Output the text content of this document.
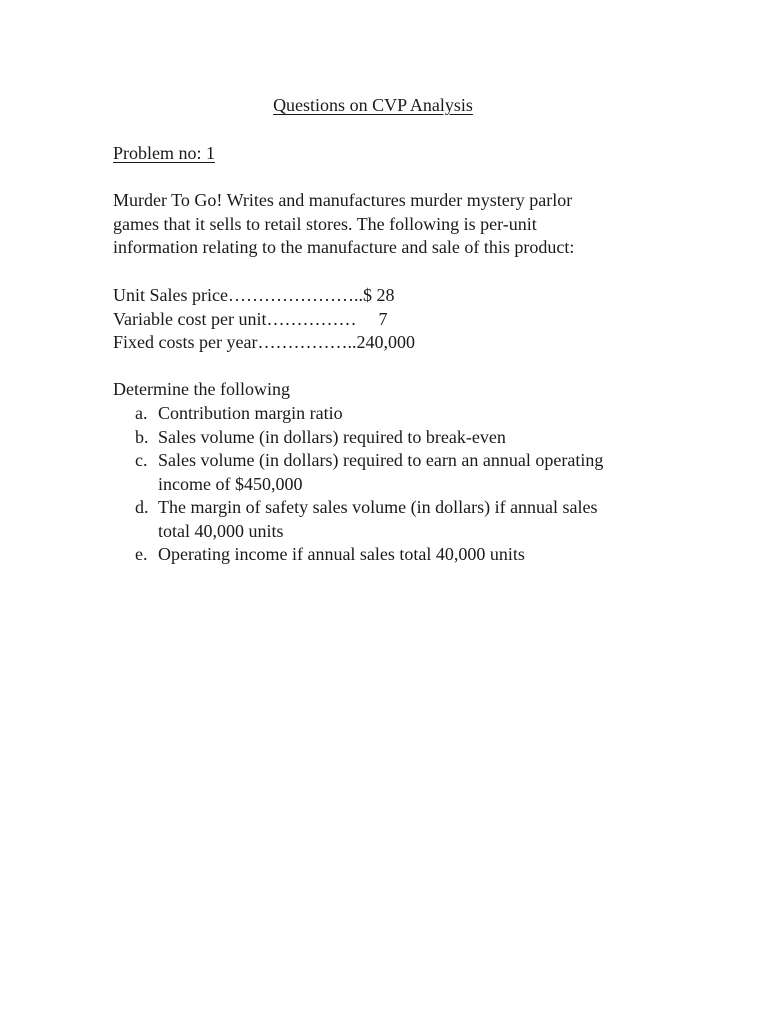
Questions on CVP Analysis
Problem no: 1
Murder To Go! Writes and manufactures murder mystery parlor
games that it sells to retail stores. The following is per-unit
information relating to the manufacture and sale of this product:
Unit Sales price…………………..$ 28
Variable cost per unit…………… 7
Fixed costs per year……………..240,000
Determine the following
a. Contribution margin ratio
b. Sales volume (in dollars) required to break-even
c. Sales volume (in dollars) required to earn an annual operating
income of $450,000
d. The margin of safety sales volume (in dollars) if annual sales
total 40,000 units
e. Operating income if annual sales total 40,000 units
